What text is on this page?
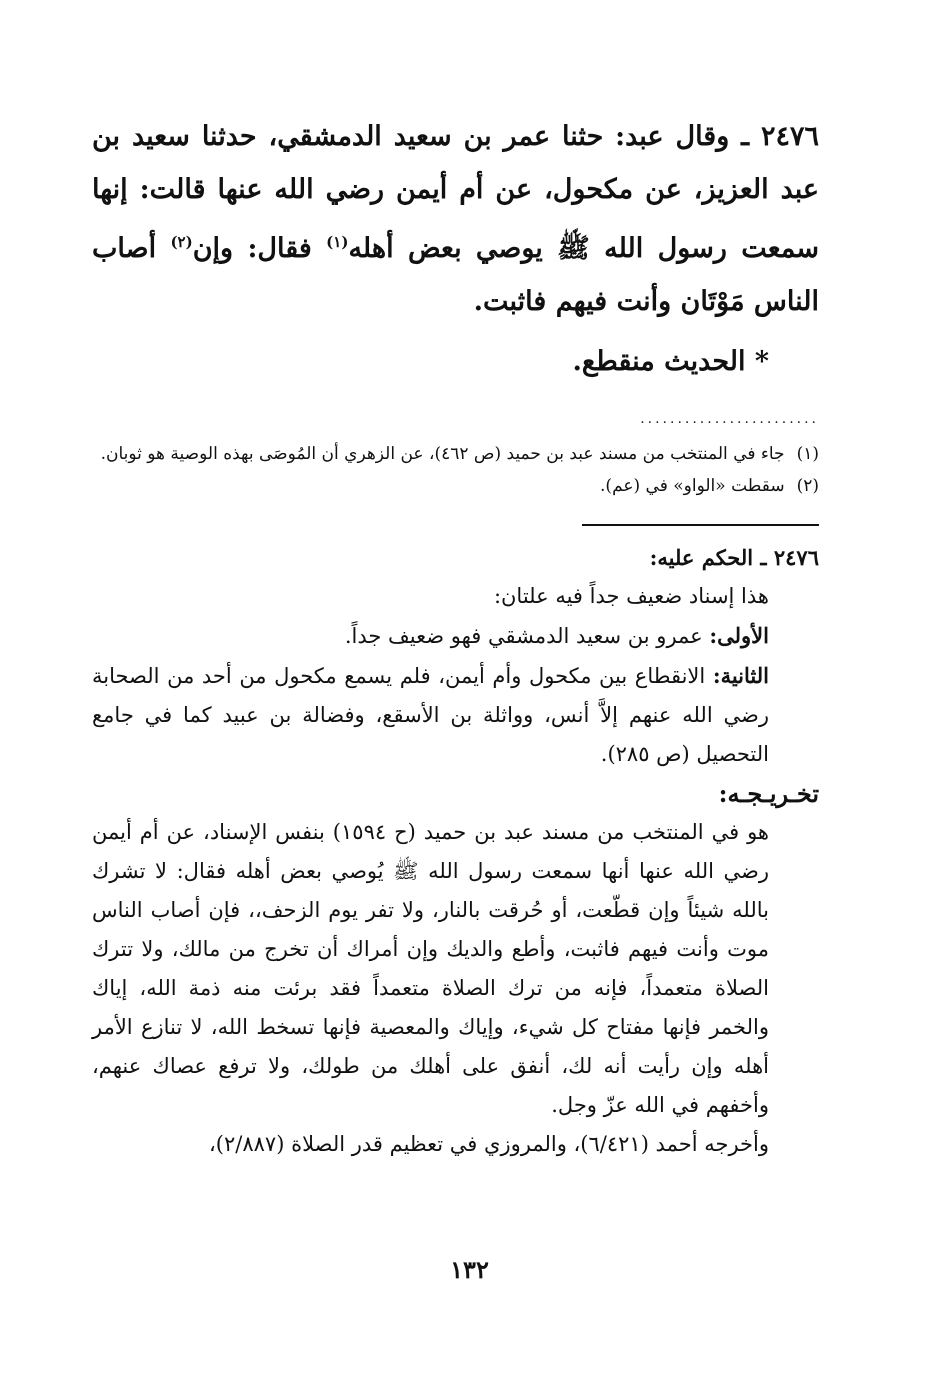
٢٤٧٦ ـ وقال عبد: حثنا عمر بن سعيد الدمشقي، حدثنا سعيد بن عبد العزيز، عن مكحول، عن أم أيمن رضي الله عنها قالت: إنها سمعت رسول الله ﷺ يوصي بعض أهله$^{(١)}$ فقال: وإن$^{(٢)}$ أصاب الناس مَوْتَان وأنت فيهم فاثبت.

* الحديث منقطع.
........................
(١)
جاء في المنتخب من مسند عبد بن حميد (ص ٤٦٢)، عن الزهري أن المُوصَى بهذه الوصية هو ثوبان.
(٢)
سقطت «الواو» في (عم).

٢٤٧٦ ـ الحكم عليه:

هذا إسناد ضعيف جداً فيه علتان:

الأولى: عمرو بن سعيد الدمشقي فهو ضعيف جداً.

الثانية: الانقطاع بين مكحول وأم أيمن، فلم يسمع مكحول من أحد من الصحابة رضي الله عنهم إلاَّ أنس، وواثلة بن الأسقع، وفضالة بن عبيد كما في جامع التحصيل (ص ٢٨٥).

تخـريـجـه:

هو في المنتخب من مسند عبد بن حميد (ح ١٥٩٤) بنفس الإسناد، عن أم أيمن رضي الله عنها أنها سمعت رسول الله ﷺ يُوصي بعض أهله فقال: لا تشرك بالله شيئاً وإن قطّعت، أو حُرقت بالنار، ولا تفر يوم الزحف،، فإن أصاب الناس موت وأنت فيهم فاثبت، وأطع والديك وإن أمراك أن تخرج من مالك، ولا تترك الصلاة متعمداً، فإنه من ترك الصلاة متعمداً فقد برئت منه ذمة الله، إياك والخمر فإنها مفتاح كل شيء، وإياك والمعصية فإنها تسخط الله، لا تنازع الأمر أهله وإن رأيت أنه لك، أنفق على أهلك من طولك، ولا ترفع عصاك عنهم، وأخفهم في الله عزّ وجل.

وأخرجه أحمد (٦/٤٢١)، والمروزي في تعظيم قدر الصلاة (٢/٨٨٧)،

١٣٢
